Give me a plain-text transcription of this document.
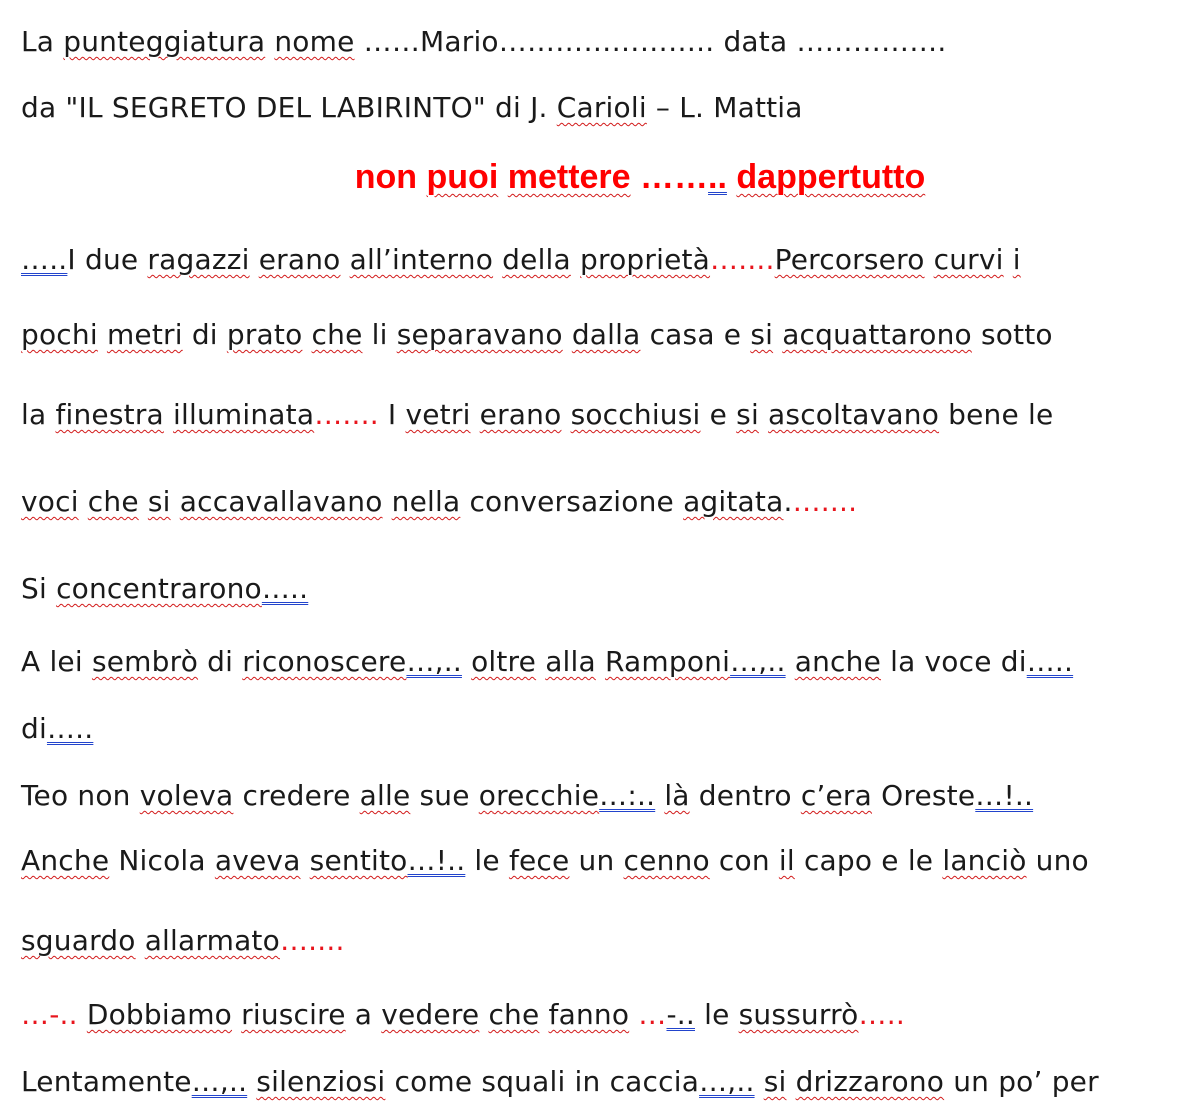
La punteggiatura nome ……Mario………………….. data …………….
da "IL SEGRETO DEL LABIRINTO" di J. Carioli – L. Mattia
non puoi mettere …….. dappertutto
…..I due ragazzi erano all’interno della proprietà…....Percorsero curvi i
pochi metri di prato che li separavano dalla casa e si acquattarono sotto
la finestra illuminata….... I vetri erano socchiusi e si ascoltavano bene le
voci che si accavallavano nella conversazione agitata.…....
Si concentrarono…..
A lei sembrò di riconoscere…,.. oltre alla Ramponi…,.. anche la voce di…..
di…..
Teo non voleva credere alle sue orecchie…:.. là dentro c’era Oreste…!..
Anche Nicola aveva sentito…!.. le fece un cenno con il capo e le lanciò uno
sguardo allarmato…....
…-.. Dobbiamo riuscire a vedere che fanno …-.. le sussurrò…..
Lentamente…,.. silenziosi come squali in caccia…,.. si drizzarono un po’ per
